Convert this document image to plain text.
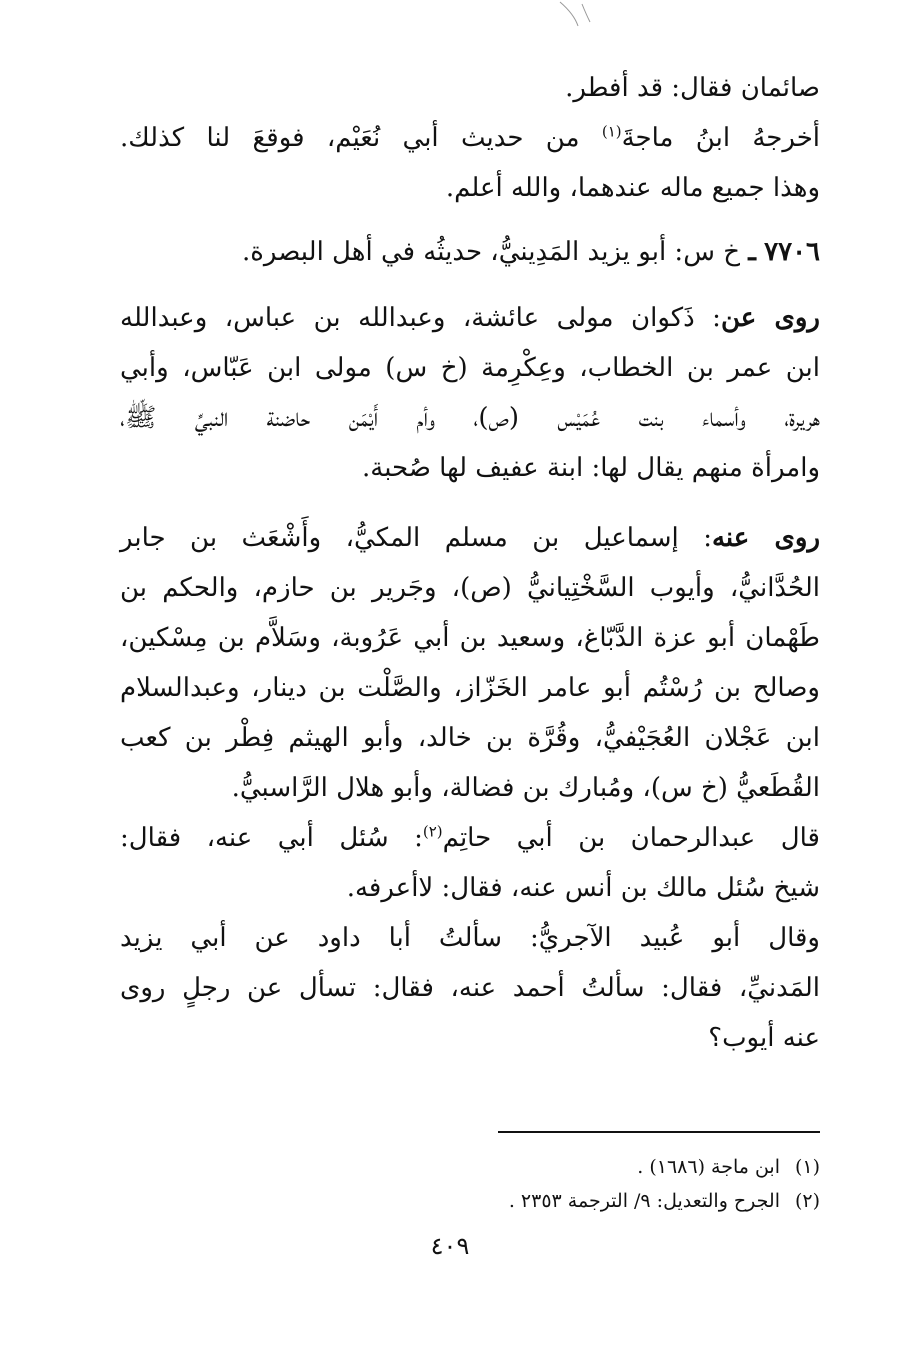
صائمان فقال: قد أفطر.
أخرجهُ ابنُ ماجةَ$^{(١)}$ من حديث أبي نُعَيْم، فوقعَ لنا كذلك.
وهذا جميع ماله عندهما، والله أعلم.
٧٧٠٦ ـ خ س: أبو يزيد المَدِينيُّ، حديثُه في أهل البصرة.
روى عن: ذَكوان مولى عائشة، وعبدالله بن عباس، وعبدالله
ابن عمر بن الخطاب، وعِكْرِمة (خ س) مولى ابن عَبّاس، وأبي
هريرة، وأسماء بنت عُمَيْس (ص)، وأم أَيْمَن حاضنة النبيِّ ﷺ،
وامرأة منهم يقال لها: ابنة عفيف لها صُحبة.
روى عنه: إسماعيل بن مسلم المكيُّ، وأَشْعَث بن جابر
الحُدَّانيُّ، وأيوب السَّخْتِيانيُّ (ص)، وجَرير بن حازم، والحكم بن
طَهْمان أبو عزة الدَّبّاغ، وسعيد بن أبي عَرُوبة، وسَلاَّم بن مِسْكين،
وصالح بن رُسْتُم أبو عامر الخَزّاز، والصَّلْت بن دينار، وعبدالسلام
ابن عَجْلان العُجَيْفيُّ، وقُرَّة بن خالد، وأبو الهيثم فِطْر بن كعب
القُطَعيُّ (خ س)، ومُبارك بن فضالة، وأبو هلال الرَّاسبيُّ.
قال عبدالرحمان بن أبي حاتِم$^{(٢)}$: سُئل أبي عنه، فقال:
شيخ سُئل مالك بن أنس عنه، فقال: لاأعرفه.
وقال أبو عُبيد الآجريُّ: سألتُ أبا داود عن أبي يزيد
المَدنيِّ، فقال: سألتُ أحمد عنه، فقال: تسأل عن رجلٍ روى
عنه أيوب؟
(١)ابن ماجة (١٦٨٦) .
(٢)الجرح والتعديل: ٩/ الترجمة ٢٣٥٣ .
٤٠٩
